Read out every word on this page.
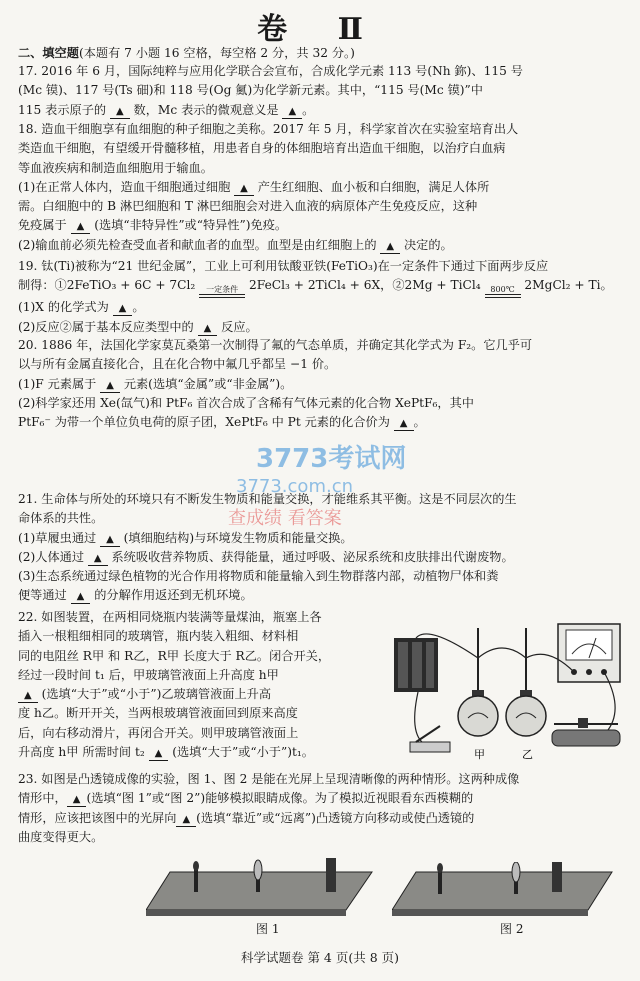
卷 Ⅱ
二、填空题(本题有 7 小题 16 空格，每空格 2 分，共 32 分。)

17. 2016 年 6 月，国际纯粹与应用化学联合会宣布，合成化学元素 113 号(Nh 鉨)、115 号

(Mc 镆)、117 号(Ts 鿬)和 118 号(Og 鿫)为化学新元素。其中，“115 号(Mc 镆)”中

115 表示原子的 ▲ 数，Mc 表示的微观意义是 ▲ 。

18. 造血干细胞享有血细胞的种子细胞之美称。2017 年 5 月，科学家首次在实验室培育出人

类造血干细胞，有望缓开骨髓移植，用患者自身的体细胞培育出造血干细胞，以治疗白血病

等血液疾病和制造血细胞用于输血。

(1)在正常人体内，造血干细胞通过细胞 ▲ 产生红细胞、血小板和白细胞，满足人体所

需。白细胞中的 B 淋巴细胞和 T 淋巴细胞会对进入血液的病原体产生免疫反应，这种

免疫属于 ▲ (选填“非特异性”或“特异性”)免疫。

(2)输血前必须先检查受血者和献血者的血型。血型是由红细胞上的 ▲ 决定的。

19. 钛(Ti)被称为“21 世纪金属”，工业上可利用钛酸亚铁(FeTiO₃)在一定条件下通过下面两步反应

制得：①2FeTiO₃ + 6C + 7Cl₂	一定条件 2FeCl₃ + 2TiCl₄ + 6X，②2Mg + TiCl₄	800℃ 2MgCl₂ + Ti。

(1)X 的化学式为 ▲ 。

(2)反应②属于基本反应类型中的 ▲ 反应。

20. 1886 年，法国化学家莫瓦桑第一次制得了氟的气态单质，并确定其化学式为 F₂。它几乎可

以与所有金属直接化合，且在化合物中氟几乎都呈 −1 价。

(1)F 元素属于 ▲ 元素(选填“金属”或“非金属”)。

(2)科学家还用 Xe(氙气)和 PtF₆ 首次合成了含稀有气体元素的化合物 XePtF₆，其中

PtF₆⁻ 为带一个单位负电荷的原子团，XePtF₆ 中 Pt 元素的化合价为 ▲ 。

21. 生命体与所处的环境只有不断发生物质和能量交换，才能维系其平衡。这是不同层次的生

命体系的共性。

(1)草履虫通过 ▲ (填细胞结构)与环境发生物质和能量交换。

(2)人体通过 ▲ 系统吸收营养物质、获得能量，通过呼吸、泌尿系统和皮肤排出代谢废物。

(3)生态系统通过绿色植物的光合作用将物质和能量输入到生物群落内部，动植物尸体和粪

便等通过 ▲ 的分解作用返还到无机环境。

22. 如图装置，在两相同烧瓶内装满等量煤油，瓶塞上各

插入一根粗细相同的玻璃管，瓶内装入粗细、材料相

同的电阻丝 R甲 和 R乙，R甲 长度大于 R乙。闭合开关，

经过一段时间 t₁ 后，甲玻璃管液面上升高度 h甲

▲ (选填“大于”或“小于”)乙玻璃管液面上升高

度 h乙。断开开关，当两根玻璃管液面回到原来高度

后，向右移动滑片，再闭合开关。则甲玻璃管液面上

升高度 h甲 所需时间 t₂ ▲ (选填“大于”或“小于”)t₁。	甲	乙

23. 如图是凸透镜成像的实验，图 1、图 2 是能在光屏上呈现清晰像的两种情形。这两种成像

情形中， ▲ (选填“图 1”或“图 2”)能够模拟眼睛成像。为了模拟近视眼看东西模糊的

情形，应该把该图中的光屏向 ▲ (选填“靠近”或“远离”)凸透镜方向移动或使凸透镜的

曲度变得更大。

图 1	图 2
3773考试网
3773.com.cn
查成绩 看答案
科学试题卷 第 4 页(共 8 页)
